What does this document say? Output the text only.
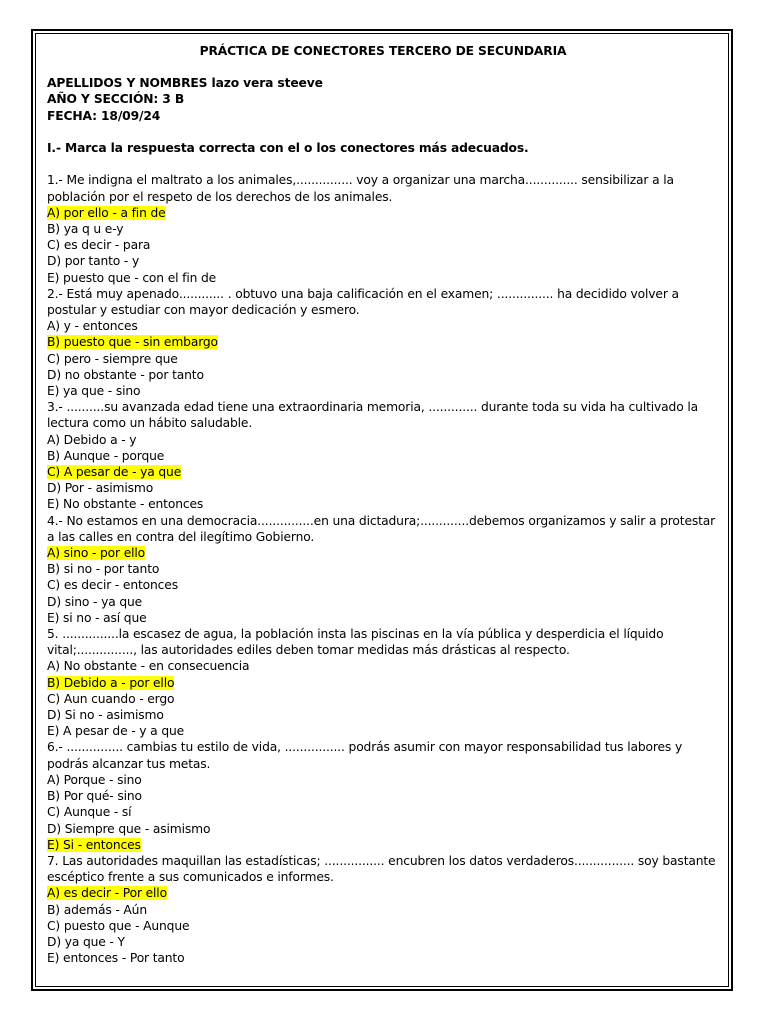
PRÁCTICA DE CONECTORES TERCERO DE SECUNDARIA

APELLIDOS Y NOMBRES lazo vera steeve

AÑO Y SECCIÓN: 3 B

FECHA: 18/09/24

I.- Marca la respuesta correcta con el o los conectores más adecuados.

1.- Me indigna el maltrato a los animales,............... voy a organizar una marcha.............. sensibilizar a la población por el respeto de los derechos de los animales.

A) por ello - a fin de

B) ya q u e-y

C) es decir - para

D) por tanto - y

E) puesto que - con el fin de

2.- Está muy apenado............ . obtuvo una baja calificación en el examen; ............... ha decidido volver a postular y estudiar con mayor dedicación y esmero.

A) y - entonces

B) puesto que - sin embargo

C) pero - siempre que

D) no obstante - por tanto

E) ya que - sino

3.- ..........su avanzada edad tiene una extraordinaria memoria, ............. durante toda su vida ha cultivado la lectura como un hábito saludable.

A) Debido a - y

B) Aunque - porque

C) A pesar de - ya que

D) Por - asimismo

E) No obstante - entonces

4.- No estamos en una democracia...............en una dictadura;.............debemos organizamos y salir a protestar a las calles en contra del ilegítimo Gobierno.

A) sino - por ello

B) si no - por tanto

C) es decir - entonces

D) sino - ya que

E) si no - así que

5. ...............la escasez de agua, la población insta las piscinas en la vía pública y desperdicia el líquido vital;..............., las autoridades ediles deben tomar medidas más drásticas al respecto.

A) No obstante - en consecuencia

B) Debido a - por ello

C) Aun cuando - ergo

D) Si no - asimismo

E) A pesar de - y a que

6.- ............... cambias tu estilo de vida, ................ podrás asumir con mayor responsabilidad tus labores y podrás alcanzar tus metas.

A) Porque - sino

B) Por qué- sino

C) Aunque - sí

D) Siempre que - asimismo

E) Si - entonces

7. Las autoridades maquillan las estadísticas; ................ encubren los datos verdaderos................ soy bastante escéptico frente a sus comunicados e informes.

A) es decir - Por ello

B) además - Aún

C) puesto que - Aunque

D) ya que - Y

E) entonces - Por tanto
